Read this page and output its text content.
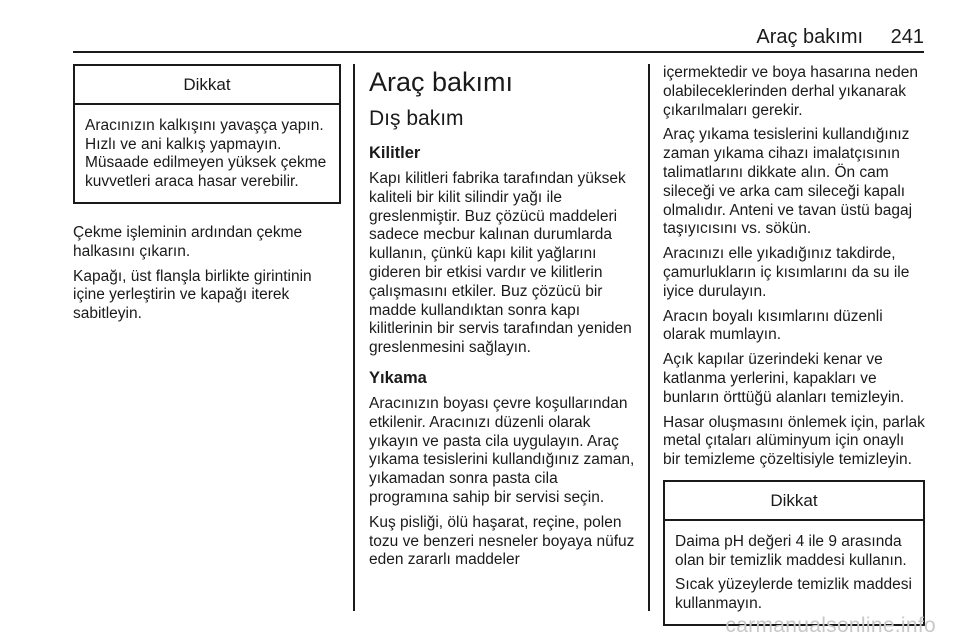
Araç bakımı 241
Dikkat

Aracınızın kalkışını yavaşça yapın. Hızlı ve ani kalkış yapmayın. Müsaade edilmeyen yüksek çekme kuvvetleri araca hasar verebilir.

Çekme işleminin ardından çekme halkasını çıkarın.

Kapağı, üst flanşla birlikte girintinin içine yerleştirin ve kapağı iterek sabitleyin.

Araç bakımı
Dış bakım
Kilitler

Kapı kilitleri fabrika tarafından yüksek kaliteli bir kilit silindir yağı ile greslenmiştir. Buz çözücü maddeleri sadece mecbur kalınan durumlarda kullanın, çünkü kapı kilit yağlarını gideren bir etkisi vardır ve kilitlerin çalışmasını etkiler. Buz çözücü bir madde kullandıktan sonra kapı kilitlerinin bir servis tarafından yeniden greslenmesini sağlayın.

Yıkama

Aracınızın boyası çevre koşullarından etkilenir. Aracınızı düzenli olarak yıkayın ve pasta cila uygulayın. Araç yıkama tesislerini kullandığınız zaman, yıkamadan sonra pasta cila programına sahip bir servisi seçin.

Kuş pisliği, ölü haşarat, reçine, polen tozu ve benzeri nesneler boyaya nüfuz eden zararlı maddeler

içermektedir ve boya hasarına neden olabileceklerinden derhal yıkanarak çıkarılmaları gerekir.

Araç yıkama tesislerini kullandığınız zaman yıkama cihazı imalatçısının talimatlarını dikkate alın. Ön cam sileceği ve arka cam sileceği kapalı olmalıdır. Anteni ve tavan üstü bagaj taşıyıcısını vs. sökün.

Aracınızı elle yıkadığınız takdirde, çamurlukların iç kısımlarını da su ile iyice durulayın.

Aracın boyalı kısımlarını düzenli olarak mumlayın.

Açık kapılar üzerindeki kenar ve katlanma yerlerini, kapakları ve bunların örttüğü alanları temizleyin.

Hasar oluşmasını önlemek için, parlak metal çıtaları alüminyum için onaylı bir temizleme çözeltisiyle temizleyin.

Dikkat

Daima pH değeri 4 ile 9 arasında olan bir temizlik maddesi kullanın.

Sıcak yüzeylerde temizlik maddesi kullanmayın.

carmanualsonline.info
